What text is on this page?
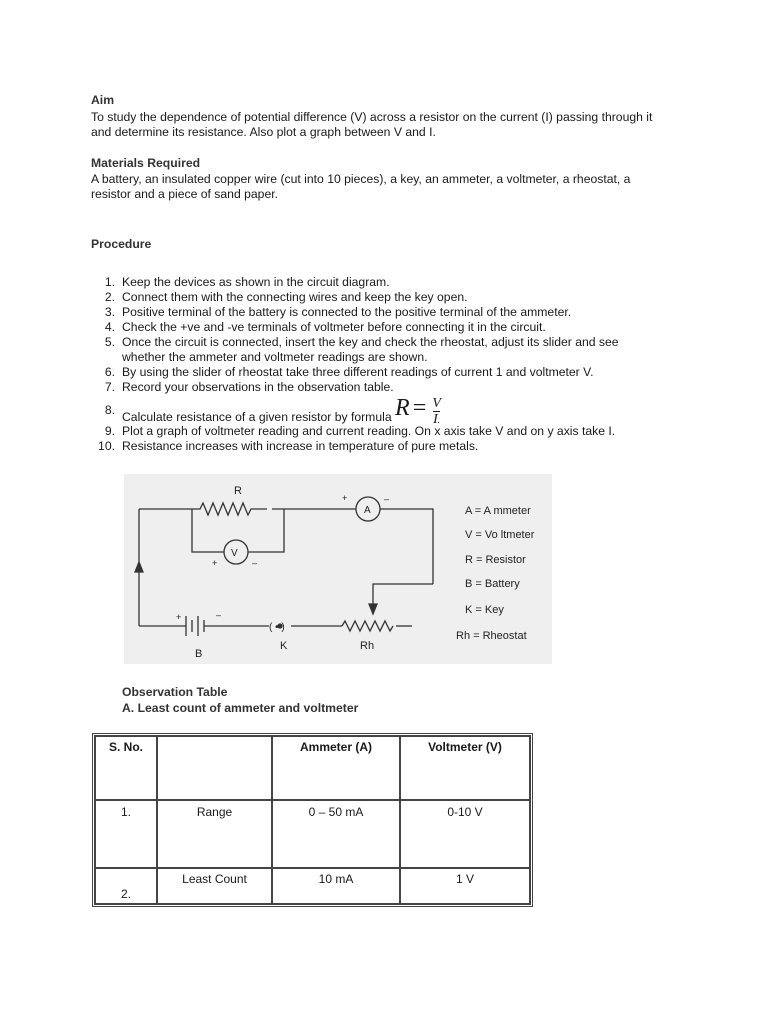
Aim
To study the dependence of potential difference (V) across a resistor on the current (I) passing through it
and determine its resistance. Also plot a graph between V and I.
Materials Required
A battery, an insulated copper wire (cut into 10 pieces), a key, an ammeter, a voltmeter, a rheostat, a
resistor and a piece of sand paper.
Procedure
1. Keep the devices as shown in the circuit diagram.
2. Connect them with the connecting wires and keep the key open.
3. Positive terminal of the battery is connected to the positive terminal of the ammeter.
4. Check the +ve and -ve terminals of voltmeter before connecting it in the circuit.
5. Once the circuit is connected, insert the key and check the rheostat, adjust its slider and see
whether the ammeter and voltmeter readings are shown.
6. By using the slider of rheostat take three different readings of current 1 and voltmeter V.
7. Record your observations in the observation table.
8.
Calculate resistance of a given resistor by formula $R = \frac{V}{I.}$
9. Plot a graph of voltmeter reading and current reading. On x axis take V and on y axis take I.
10. Resistance increases with increase in temperature of pure metals.
R
V
A
+	–
+	–
+	–
( • )
B
K	Rh
A = A mmeter
V = Vo ltmeter
R = Resistor
B = Battery
K = Key
Rh = Rheostat
Observation Table
A. Least count of ammeter and voltmeter
S. No.		Ammeter (A)	Voltmeter (V)
1.	Range	0 – 50 mA	0-10 V
2.	Least Count	10 mA	1 V
